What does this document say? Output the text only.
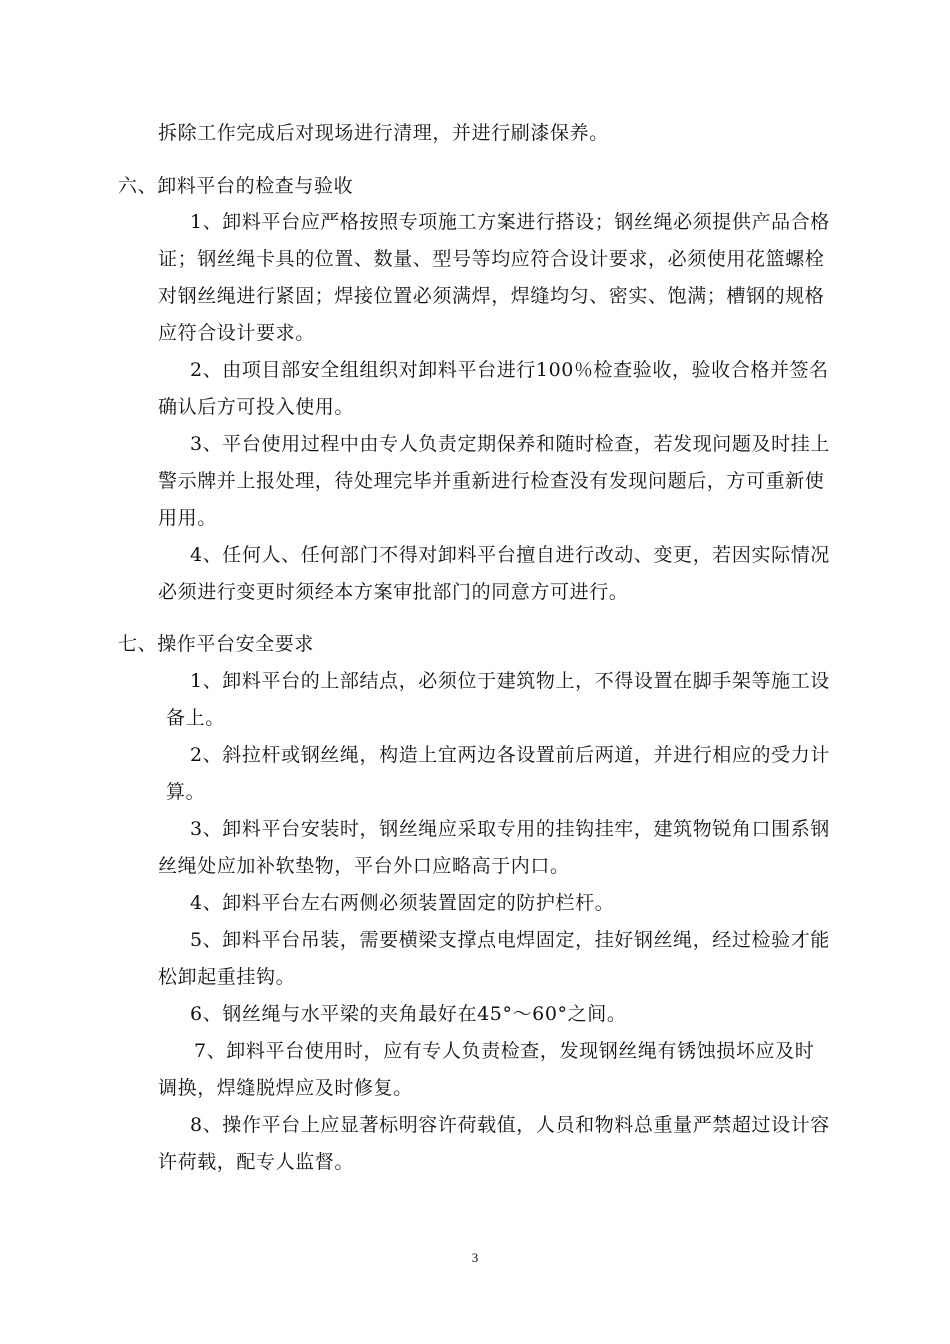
拆除工作完成后对现场进行清理，并进行刷漆保养。
六、卸料平台的检查与验收
1、卸料平台应严格按照专项施工方案进行搭设；钢丝绳必须提供产品合格
证；钢丝绳卡具的位置、数量、型号等均应符合设计要求，必须使用花篮螺栓
对钢丝绳进行紧固；焊接位置必须满焊，焊缝均匀、密实、饱满；槽钢的规格
应符合设计要求。
2、由项目部安全组组织对卸料平台进行100％检查验收，验收合格并签名
确认后方可投入使用。
3、平台使用过程中由专人负责定期保养和随时检查，若发现问题及时挂上
警示牌并上报处理，待处理完毕并重新进行检查没有发现问题后，方可重新使
用用。
4、任何人、任何部门不得对卸料平台擅自进行改动、变更，若因实际情况
必须进行变更时须经本方案审批部门的同意方可进行。
七、操作平台安全要求
1、卸料平台的上部结点，必须位于建筑物上，不得设置在脚手架等施工设
备上。
2、斜拉杆或钢丝绳，构造上宜两边各设置前后两道，并进行相应的受力计
算。
3、卸料平台安装时，钢丝绳应采取专用的挂钩挂牢，建筑物锐角口围系钢
丝绳处应加补软垫物，平台外口应略高于内口。
4、卸料平台左右两侧必须装置固定的防护栏杆。
5、卸料平台吊装，需要横梁支撑点电焊固定，挂好钢丝绳，经过检验才能
松卸起重挂钩。
6、钢丝绳与水平梁的夹角最好在45°～60°之间。
7、卸料平台使用时，应有专人负责检查，发现钢丝绳有锈蚀损坏应及时
调换，焊缝脱焊应及时修复。
8、操作平台上应显著标明容许荷载值，人员和物料总重量严禁超过设计容
许荷载，配专人监督。
3
